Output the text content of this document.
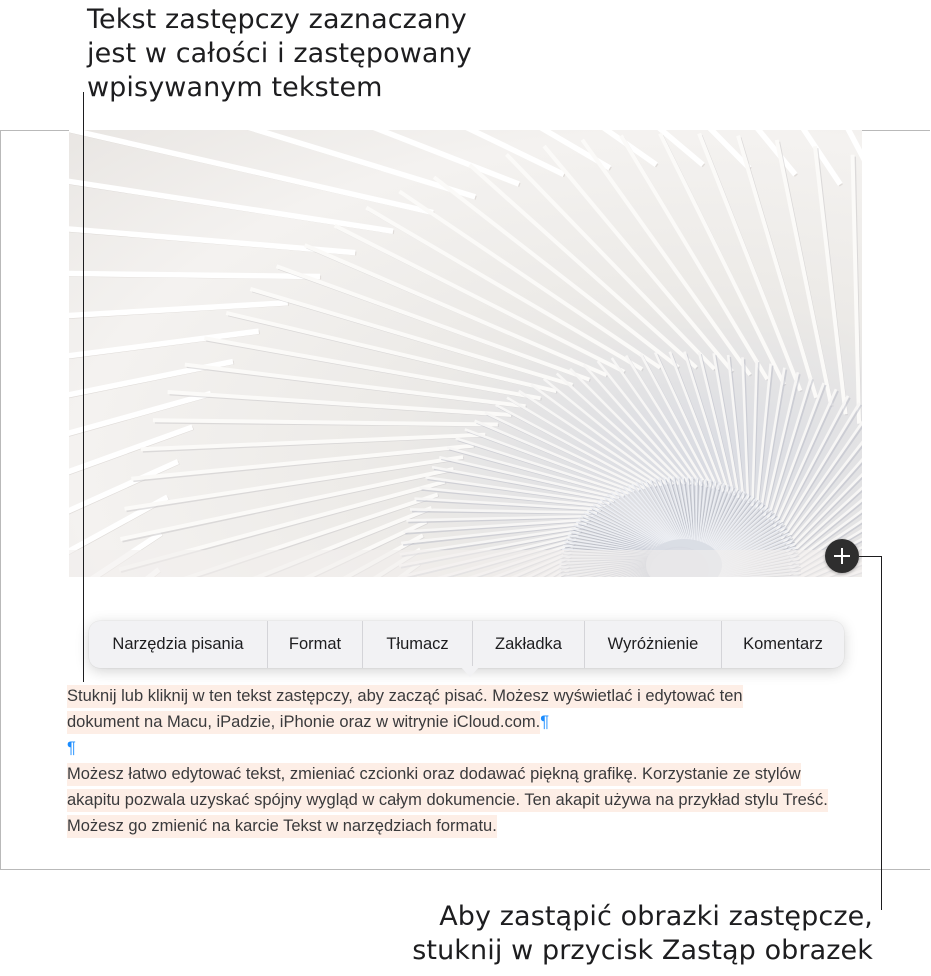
Tekst zastępczy zaznaczany
jest w całości i zastępowany
wpisywanym tekstem
Aby zastąpić obrazki zastępcze,
stuknij w przycisk Zastąp obrazek
Narzędzia pisania	Format	Tłumacz	Zakładka	Wyróżnienie	Komentarz
Stuknij lub kliknij w ten tekst zastępczy, aby zacząć pisać. Możesz wyświetlać i edytować ten
dokument na Macu, iPadzie, iPhonie oraz w witrynie iCloud.com.¶
¶
Możesz łatwo edytować tekst, zmieniać czcionki oraz dodawać piękną grafikę. Korzystanie ze stylów
akapitu pozwala uzyskać spójny wygląd w całym dokumencie. Ten akapit używa na przykład stylu Treść.
Możesz go zmienić na karcie Tekst w narzędziach formatu.
